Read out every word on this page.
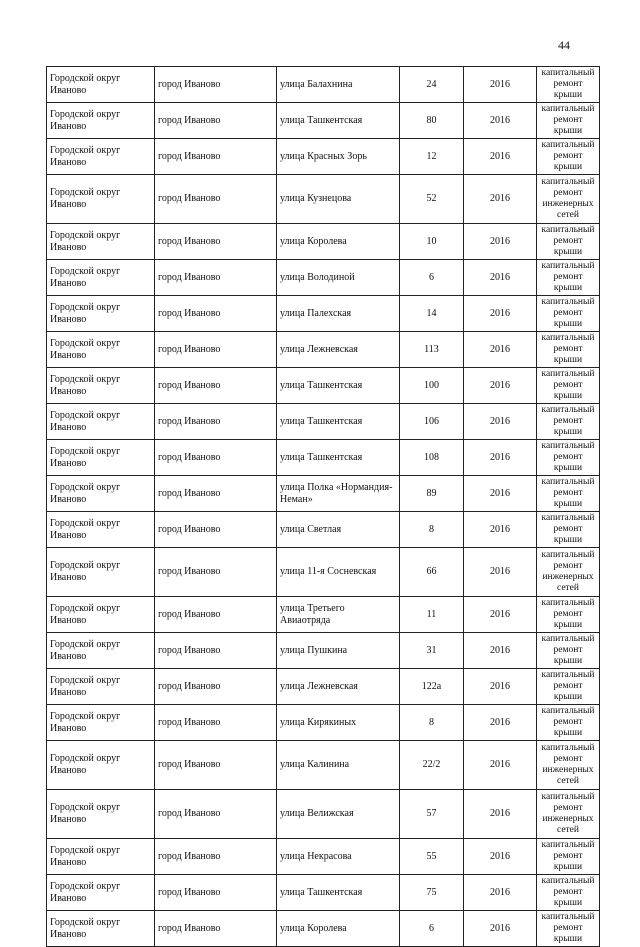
44
Городской округ Иваново	город Иваново	улица Балахнина	24	2016	капитальный ремонт крыши
Городской округ Иваново	город Иваново	улица Ташкентская	80	2016	капитальный ремонт крыши
Городской округ Иваново	город Иваново	улица Красных Зорь	12	2016	капитальный ремонт крыши
Городской округ Иваново	город Иваново	улица Кузнецова	52	2016	капитальный ремонт инженерных сетей
Городской округ Иваново	город Иваново	улица Королева	10	2016	капитальный ремонт крыши
Городской округ Иваново	город Иваново	улица Володиной	6	2016	капитальный ремонт крыши
Городской округ Иваново	город Иваново	улица Палехская	14	2016	капитальный ремонт крыши
Городской округ Иваново	город Иваново	улица Лежневская	113	2016	капитальный ремонт крыши
Городской округ Иваново	город Иваново	улица Ташкентская	100	2016	капитальный ремонт крыши
Городской округ Иваново	город Иваново	улица Ташкентская	106	2016	капитальный ремонт крыши
Городской округ Иваново	город Иваново	улица Ташкентская	108	2016	капитальный ремонт крыши
Городской округ Иваново	город Иваново	улица Полка «Нормандия-Неман»	89	2016	капитальный ремонт крыши
Городской округ Иваново	город Иваново	улица Светлая	8	2016	капитальный ремонт крыши
Городской округ Иваново	город Иваново	улица 11-я Сосневская	66	2016	капитальный ремонт инженерных сетей
Городской округ Иваново	город Иваново	улица Третьего Авиаотряда	11	2016	капитальный ремонт крыши
Городской округ Иваново	город Иваново	улица Пушкина	31	2016	капитальный ремонт крыши
Городской округ Иваново	город Иваново	улица Лежневская	122а	2016	капитальный ремонт крыши
Городской округ Иваново	город Иваново	улица Кирякиных	8	2016	капитальный ремонт крыши
Городской округ Иваново	город Иваново	улица Калинина	22/2	2016	капитальный ремонт инженерных сетей
Городской округ Иваново	город Иваново	улица Велижская	57	2016	капитальный ремонт инженерных сетей
Городской округ Иваново	город Иваново	улица Некрасова	55	2016	капитальный ремонт крыши
Городской округ Иваново	город Иваново	улица Ташкентская	75	2016	капитальный ремонт крыши
Городской округ Иваново	город Иваново	улица Королева	6	2016	капитальный ремонт крыши
